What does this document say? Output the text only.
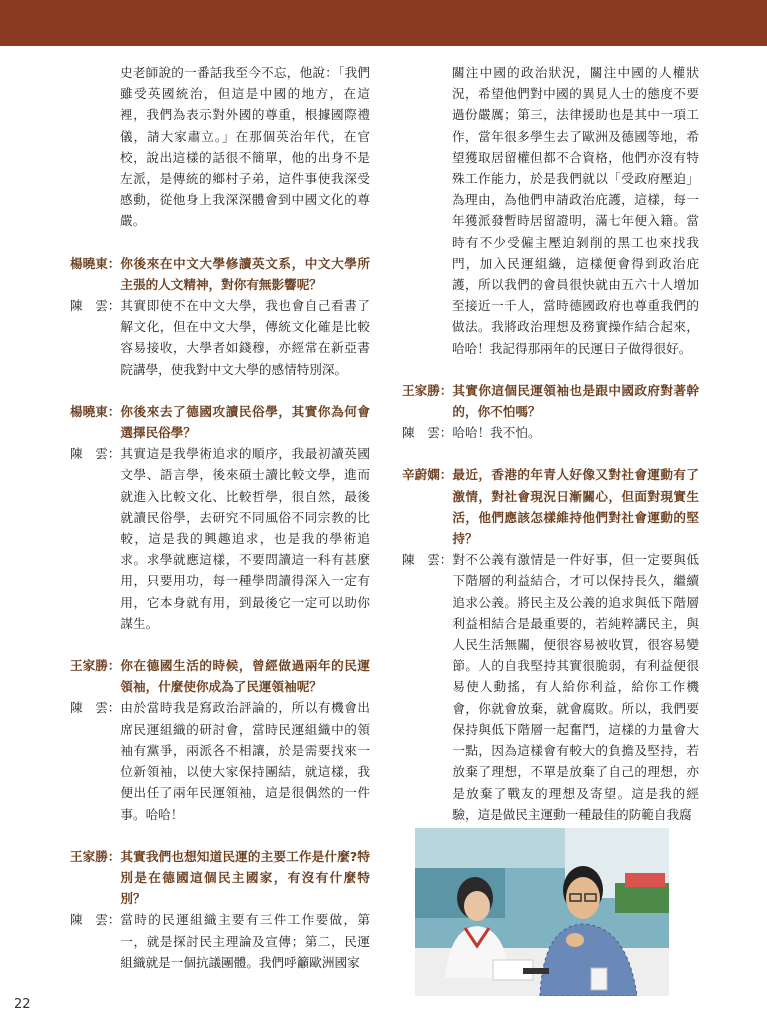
史老師說的一番話我至今不忘，他說：「我們雖受英國統治，但這是中國的地方，在這裡，我們為表示對外國的尊重，根據國際禮儀，請大家肅立。」在那個英治年代，在官校，說出這樣的話很不簡單，他的出身不是左派，是傳統的鄉村子弟，這件事使我深受感動，從他身上我深深體會到中國文化的尊嚴。

楊曉東： 你後來在中文大學修讀英文系，中文大學所主張的人文精神，對你有無影響呢？
陳　雲： 其實即使不在中文大學，我也會自己看書了解文化，但在中文大學，傳統文化確是比較容易接收，大學者如錢穆，亦經常在新亞書院講學，使我對中文大學的感情特別深。
楊曉東： 你後來去了德國攻讀民俗學，其實你為何會選擇民俗學？
陳　雲： 其實這是我學術追求的順序，我最初讀英國文學、語言學，後來碩士讀比較文學，進而就進入比較文化、比較哲學，很自然，最後就讀民俗學，去研究不同風俗不同宗教的比較，這是我的興趣追求，也是我的學術追求。求學就應這樣，不要問讀這一科有甚麼用，只要用功，每一種學問讀得深入一定有用，它本身就有用，到最後它一定可以助你謀生。
王家勝： 你在德國生活的時候，曾經做過兩年的民運領袖，什麼使你成為了民運領袖呢？
陳　雲： 由於當時我是寫政治評論的，所以有機會出席民運組織的研討會，當時民運組織中的領袖有黨爭，兩派各不相讓，於是需要找來一位新領袖，以使大家保持團結，就這樣，我便出任了兩年民運領袖，這是很偶然的一件事。哈哈！
王家勝： 其實我們也想知道民運的主要工作是什麼?特別是在德國這個民主國家，有沒有什麼特別？
陳　雲： 當時的民運組織主要有三件工作要做，第一，就是探討民主理論及宣傳；第二，民運組織就是一個抗議團體。我們呼籲歐洲國家

關注中國的政治狀況，關注中國的人權狀況，希望他們對中國的異見人士的態度不要過份嚴厲；第三，法律援助也是其中一項工作，當年很多學生去了歐洲及德國等地，希望獲取居留權但都不合資格，他們亦沒有特殊工作能力，於是我們就以「受政府壓迫」為理由，為他們申請政治庇護，這樣，每一年獲派發暫時居留證明，滿七年便入籍。當時有不少受僱主壓迫剝削的黑工也來找我門，加入民運組織，這樣便會得到政治庇護，所以我們的會員很快就由五六十人增加至接近一千人，當時德國政府也尊重我們的做法。我將政治理想及務實操作結合起來，哈哈！我記得那兩年的民運日子做得很好。

王家勝： 其實你這個民運領袖也是跟中國政府對著幹的，你不怕嗎？
陳　雲： 哈哈！我不怕。
辛蔚嫻： 最近，香港的年青人好像又對社會運動有了激情，對社會現況日漸關心，但面對現實生活，他們應該怎樣維持他們對社會運動的堅持？
陳　雲： 對不公義有激情是一件好事，但一定要與低下階層的利益結合，才可以保持長久，繼續追求公義。將民主及公義的追求與低下階層利益相結合是最重要的，若純粹講民主，與人民生活無關，便很容易被收買，很容易變節。人的自我堅持其實很脆弱，有利益便很易使人動搖，有人給你利益，給你工作機會，你就會放棄，就會腐敗。所以，我們要保持與低下階層一起奮鬥，這樣的力量會大一點，因為這樣會有較大的負擔及堅持，若放棄了理想，不單是放棄了自己的理想，亦是放棄了戰友的理想及寄望。這是我的經驗，這是做民主運動一種最佳的防範自我腐
22
